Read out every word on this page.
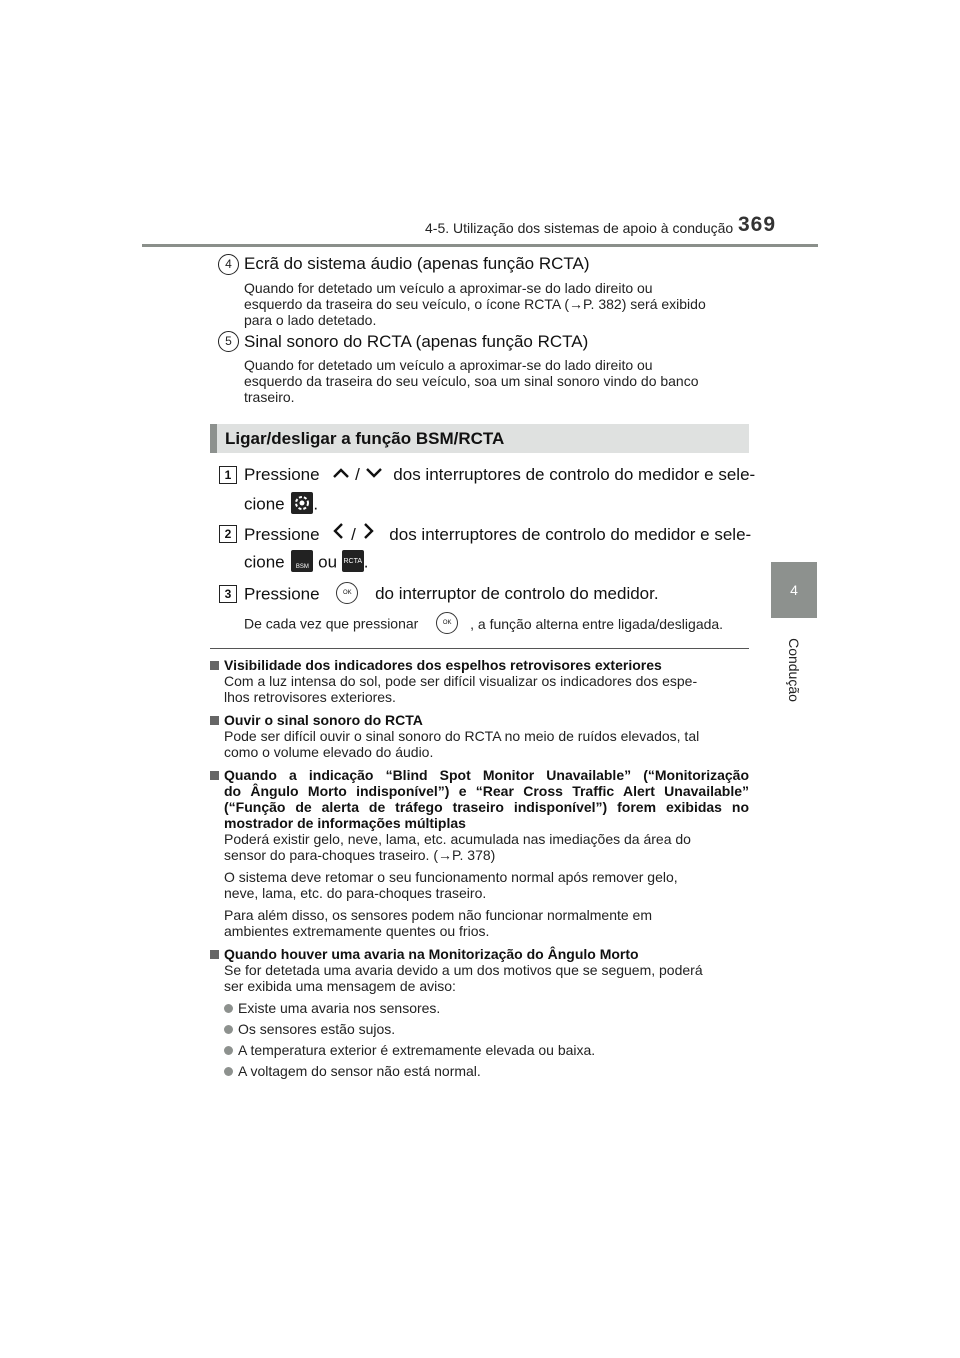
4-5. Utilização dos sistemas de apoio à condução 369
4
Condução
4 Ecrã do sistema áudio (apenas função RCTA)
Quando for detetado um veículo a aproximar-se do lado direito ou
esquerdo da traseira do seu veículo, o ícone RCTA (→P. 382) será exibido
para o lado detetado.
5 Sinal sonoro do RCTA (apenas função RCTA)
Quando for detetado um veículo a aproximar-se do lado direito ou
esquerdo da traseira do seu veículo, soa um sinal sonoro vindo do banco
traseiro.
Ligar/desligar a função BSM/RCTA
1 Pressione / dos interruptores de controlo do medidor e sele-
cione .
2 Pressione / dos interruptores de controlo do medidor e sele-
cione	BSM ou RCTA .
3 Pressione	OK do interruptor de controlo do medidor.
De cada vez que pressionar	OK , a função alterna entre ligada/desligada.
Visibilidade dos indicadores dos espelhos retrovisores exteriores
Com a luz intensa do sol, pode ser difícil visualizar os indicadores dos espe-
lhos retrovisores exteriores.
Ouvir o sinal sonoro do RCTA
Pode ser difícil ouvir o sinal sonoro do RCTA no meio de ruídos elevados, tal
como o volume elevado do áudio.
Quando a indicação “Blind Spot Monitor Unavailable” (“Monitorização
do Ângulo Morto indisponível”) e “Rear Cross Traffic Alert Unavailable”
(“Função de alerta de tráfego traseiro indisponível”) forem exibidas no
mostrador de informações múltiplas
Poderá existir gelo, neve, lama, etc. acumulada nas imediações da área do
sensor do para-choques traseiro. (→P. 378)
O sistema deve retomar o seu funcionamento normal após remover gelo,
neve, lama, etc. do para-choques traseiro.
Para além disso, os sensores podem não funcionar normalmente em
ambientes extremamente quentes ou frios.
Quando houver uma avaria na Monitorização do Ângulo Morto
Se for detetada uma avaria devido a um dos motivos que se seguem, poderá
ser exibida uma mensagem de aviso:
Existe uma avaria nos sensores.
Os sensores estão sujos.
A temperatura exterior é extremamente elevada ou baixa.
A voltagem do sensor não está normal.
